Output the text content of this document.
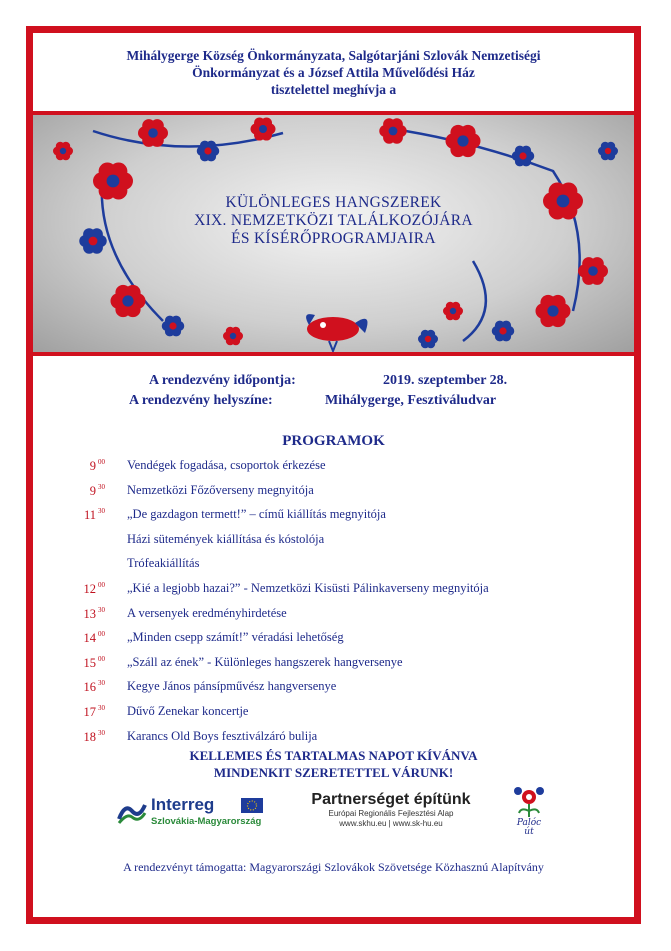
Mihálygerge Község Önkormányzata, Salgótarjáni Szlovák Nemzetiségi
Önkormányzat és a József Attila Művelődési Ház
tisztelettel meghívja a
KÜLÖNLEGES HANGSZEREK
XIX. NEMZETKÖZI TALÁLKOZÓJÁRA
ÉS KÍSÉRŐPROGRAMJAIRA
A rendezvény időpontja:	2019. szeptember 28.
A rendezvény helyszíne:	Mihálygerge, Fesztiváludvar
PROGRAMOK
9 $^{00}$ Vendégek fogadása, csoportok érkezése
9 $^{30}$ Nemzetközi Főzőverseny megnyitója
11 $^{30}$ „De gazdagon termett!” – című kiállítás megnyitója
Házi sütemények kiállítása és kóstolója
Trófeakiállítás
12 $^{00}$ „Kié a legjobb hazai?” - Nemzetközi Kisüsti Pálinkaverseny megnyitója
13 $^{30}$ A versenyek eredményhirdetése
14 $^{00}$ „Minden csepp számít!” véradási lehetőség
15 $^{00}$ „Száll az ének” - Különleges hangszerek hangversenye
16 $^{30}$ Kegye János pánsípművész hangversenye
17 $^{30}$ Dűvő Zenekar koncertje
18 $^{30}$ Karancs Old Boys fesztiválzáró bulija
KELLEMES ÉS TARTALMAS NAPOT KÍVÁNVA
MINDENKIT SZERETETTEL VÁRUNK!
Interreg
Szlovákia-Magyarország
Partnerséget építünk
Európai Regionális Fejlesztési Alap
www.skhu.eu | www.sk-hu.eu	Palóc
út
A rendezvényt támogatta: Magyarországi Szlovákok Szövetsége Közhasznú Alapítvány
